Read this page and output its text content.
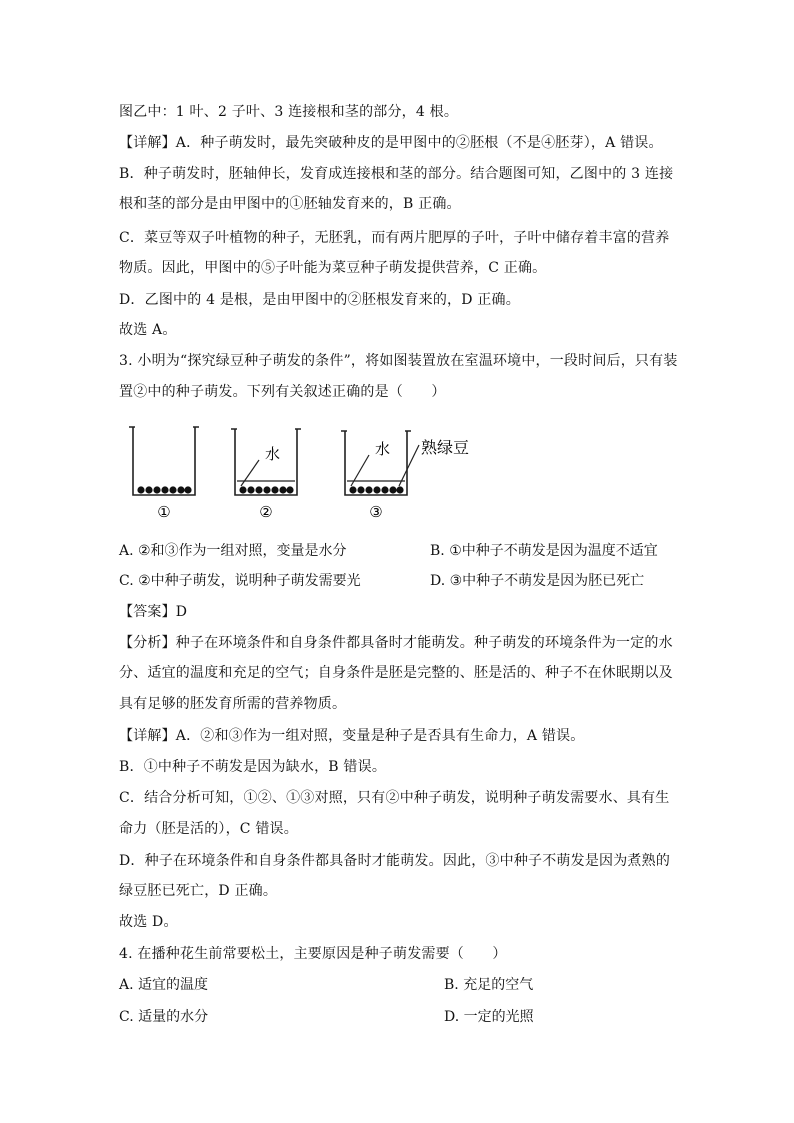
图乙中：1 叶、2 子叶、3 连接根和茎的部分，4 根。
【详解】A．种子萌发时，最先突破种皮的是甲图中的②胚根（不是④胚芽），A 错误。
B．种子萌发时，胚轴伸长，发育成连接根和茎的部分。结合题图可知，乙图中的 3 连接
根和茎的部分是由甲图中的①胚轴发育来的，B 正确。
C．菜豆等双子叶植物的种子，无胚乳，而有两片肥厚的子叶，子叶中储存着丰富的营养
物质。因此，甲图中的⑤子叶能为菜豆种子萌发提供营养，C 正确。
D．乙图中的 4 是根，是由甲图中的②胚根发育来的，D 正确。
故选 A。
3. 小明为“探究绿豆种子萌发的条件”，将如图装置放在室温环境中，一段时间后，只有装
置②中的种子萌发。下列有关叙述正确的是（　　）
水	水 熟绿豆
①	②	③
A. ②和③作为一组对照，变量是水分	B. ①中种子不萌发是因为温度不适宜
C. ②中种子萌发，说明种子萌发需要光	D. ③中种子不萌发是因为胚已死亡
【答案】D
【分析】种子在环境条件和自身条件都具备时才能萌发。种子萌发的环境条件为一定的水
分、适宜的温度和充足的空气；自身条件是胚是完整的、胚是活的、种子不在休眠期以及
具有足够的胚发育所需的营养物质。
【详解】A．②和③作为一组对照，变量是种子是否具有生命力，A 错误。
B．①中种子不萌发是因为缺水，B 错误。
C．结合分析可知，①②、①③对照，只有②中种子萌发，说明种子萌发需要水、具有生
命力（胚是活的），C 错误。
D．种子在环境条件和自身条件都具备时才能萌发。因此，③中种子不萌发是因为煮熟的
绿豆胚已死亡，D 正确。
故选 D。
4. 在播种花生前常要松土，主要原因是种子萌发需要（　　）
A. 适宜的温度	B. 充足的空气
C. 适量的水分	D. 一定的光照
